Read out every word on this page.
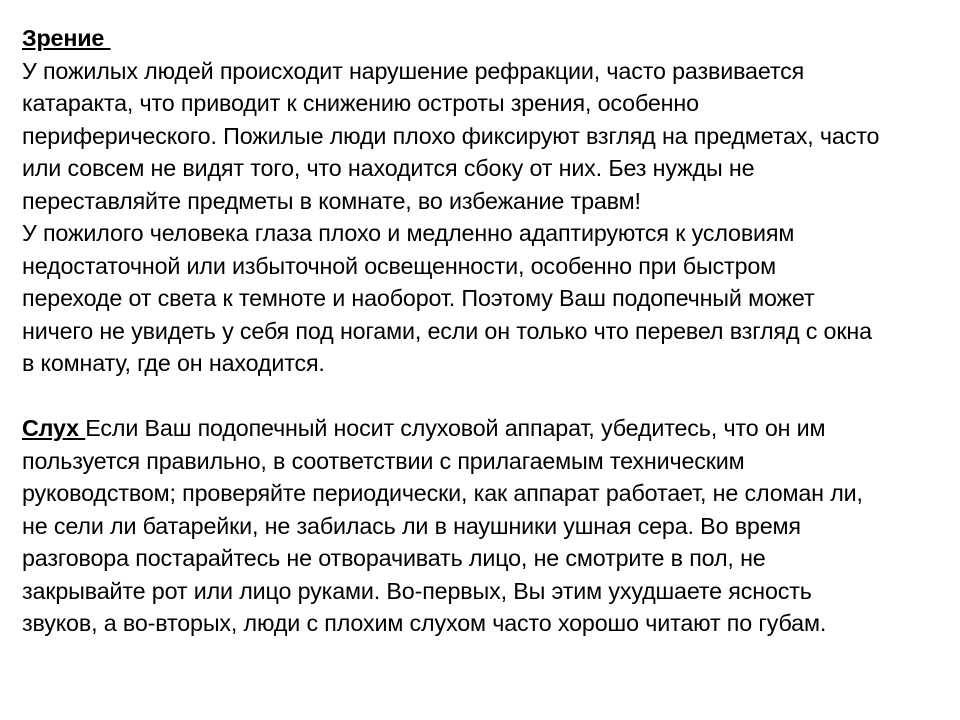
Зрение
У пожилых людей происходит нарушение рефракции, часто развивается
катаракта, что приводит к снижению остроты зрения, особенно
периферического. Пожилые люди плохо фиксируют взгляд на предметах, часто
или совсем не видят того, что находится сбоку от них. Без нужды не
переставляйте предметы в комнате, во избежание травм!
У пожилого человека глаза плохо и медленно адаптируются к условиям
недостаточной или избыточной освещенности, особенно при быстром
переходе от света к темноте и наоборот. Поэтому Ваш подопечный может
ничего не увидеть у себя под ногами, если он только что перевел взгляд с окна
в комнату, где он находится.
Слух Если Ваш подопечный носит слуховой аппарат, убедитесь, что он им
пользуется правильно, в соответствии с прилагаемым техническим
руководством; проверяйте периодически, как аппарат работает, не сломан ли,
не сели ли батарейки, не забилась ли в наушники ушная сера. Во время
разговора постарайтесь не отворачивать лицо, не смотрите в пол, не
закрывайте рот или лицо руками. Во-первых, Вы этим ухудшаете ясность
звуков, а во-вторых, люди с плохим слухом часто хорошо читают по губам.
